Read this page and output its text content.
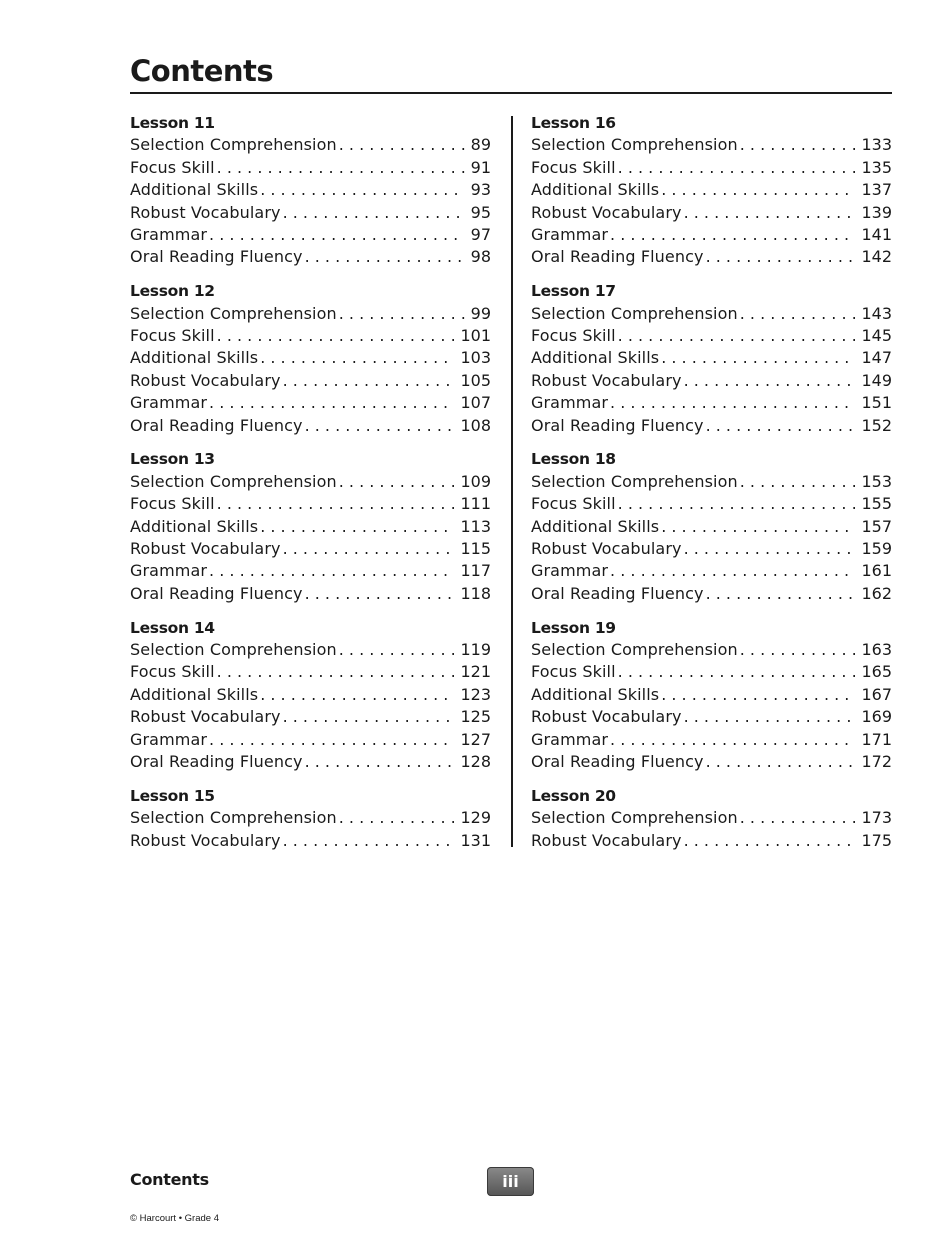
Contents
Lesson 11
Selection Comprehension . . .	89
Focus Skill . . .	91
Additional Skills . . .	93
Robust Vocabulary . . .	95
Grammar . . .	97
Oral Reading Fluency . . .	98
Lesson 12
Selection Comprehension . . .	99
Focus Skill . . .	101
Additional Skills . . .	103
Robust Vocabulary . . .	105
Grammar . . .	107
Oral Reading Fluency . . .	108
Lesson 13
Selection Comprehension . . .	109
Focus Skill . . .	111
Additional Skills . . .	113
Robust Vocabulary . . .	115
Grammar . . .	117
Oral Reading Fluency . . .	118
Lesson 14
Selection Comprehension . . .	119
Focus Skill . . .	121
Additional Skills . . .	123
Robust Vocabulary . . .	125
Grammar . . .	127
Oral Reading Fluency . . .	128
Lesson 15
Selection Comprehension . . .	129
Robust Vocabulary . . .	131
Lesson 16
Selection Comprehension . . .	133
Focus Skill . . .	135
Additional Skills . . .	137
Robust Vocabulary . . .	139
Grammar . . .	141
Oral Reading Fluency . . .	142
Lesson 17
Selection Comprehension . . .	143
Focus Skill . . .	145
Additional Skills . . .	147
Robust Vocabulary . . .	149
Grammar . . .	151
Oral Reading Fluency . . .	152
Lesson 18
Selection Comprehension . . .	153
Focus Skill . . .	155
Additional Skills . . .	157
Robust Vocabulary . . .	159
Grammar . . .	161
Oral Reading Fluency . . .	162
Lesson 19
Selection Comprehension . . .	163
Focus Skill . . .	165
Additional Skills . . .	167
Robust Vocabulary . . .	169
Grammar . . .	171
Oral Reading Fluency . . .	172
Lesson 20
Selection Comprehension . . .	173
Robust Vocabulary . . .	175

Contents	iii

© Harcourt • Grade 4
